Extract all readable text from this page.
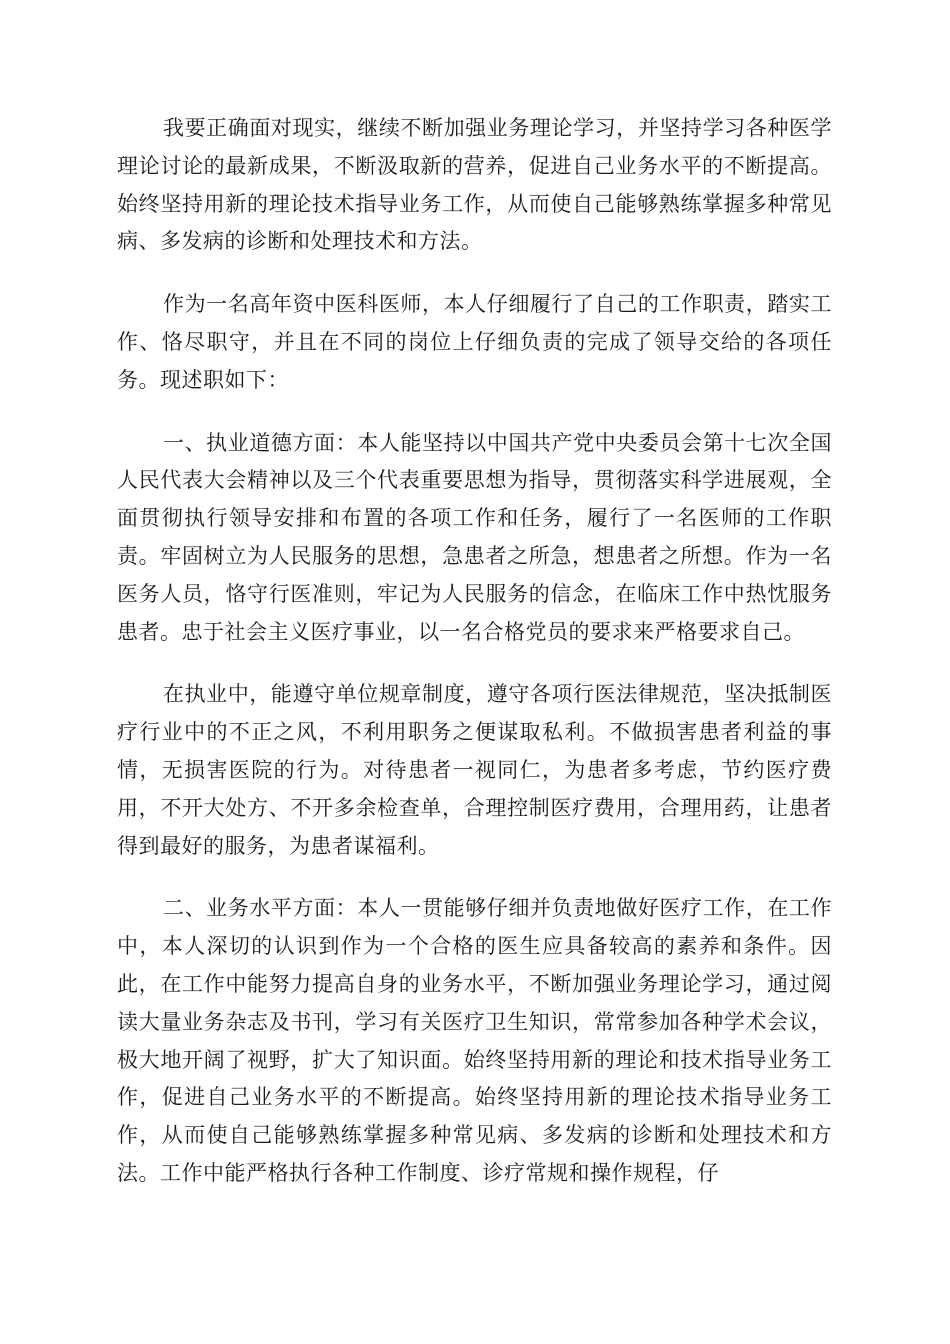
我要正确面对现实，继续不断加强业务理论学习，并坚持学习各种医学理论讨论的最新成果，不断汲取新的营养，促进自己业务水平的不断提高。始终坚持用新的理论技术指导业务工作，从而使自己能够熟练掌握多种常见病、多发病的诊断和处理技术和方法。

作为一名高年资中医科医师，本人仔细履行了自己的工作职责，踏实工作、恪尽职守，并且在不同的岗位上仔细负责的完成了领导交给的各项任务。现述职如下：

一、执业道德方面：本人能坚持以中国共产党中央委员会第十七次全国人民代表大会精神以及三个代表重要思想为指导，贯彻落实科学进展观，全面贯彻执行领导安排和布置的各项工作和任务，履行了一名医师的工作职责。牢固树立为人民服务的思想，急患者之所急，想患者之所想。作为一名医务人员，恪守行医准则，牢记为人民服务的信念，在临床工作中热忱服务患者。忠于社会主义医疗事业，以一名合格党员的要求来严格要求自己。

在执业中，能遵守单位规章制度，遵守各项行医法律规范，坚决抵制医疗行业中的不正之风，不利用职务之便谋取私利。不做损害患者利益的事情，无损害医院的行为。对待患者一视同仁，为患者多考虑，节约医疗费用，不开大处方、不开多余检查单，合理控制医疗费用，合理用药，让患者得到最好的服务，为患者谋福利。

二、业务水平方面：本人一贯能够仔细并负责地做好医疗工作，在工作中，本人深切的认识到作为一个合格的医生应具备较高的素养和条件。因此，在工作中能努力提高自身的业务水平，不断加强业务理论学习，通过阅读大量业务杂志及书刊，学习有关医疗卫生知识，常常参加各种学术会议，极大地开阔了视野，扩大了知识面。始终坚持用新的理论和技术指导业务工作，促进自己业务水平的不断提高。始终坚持用新的理论技术指导业务工作，从而使自己能够熟练掌握多种常见病、多发病的诊断和处理技术和方法。工作中能严格执行各种工作制度、诊疗常规和操作规程，仔
